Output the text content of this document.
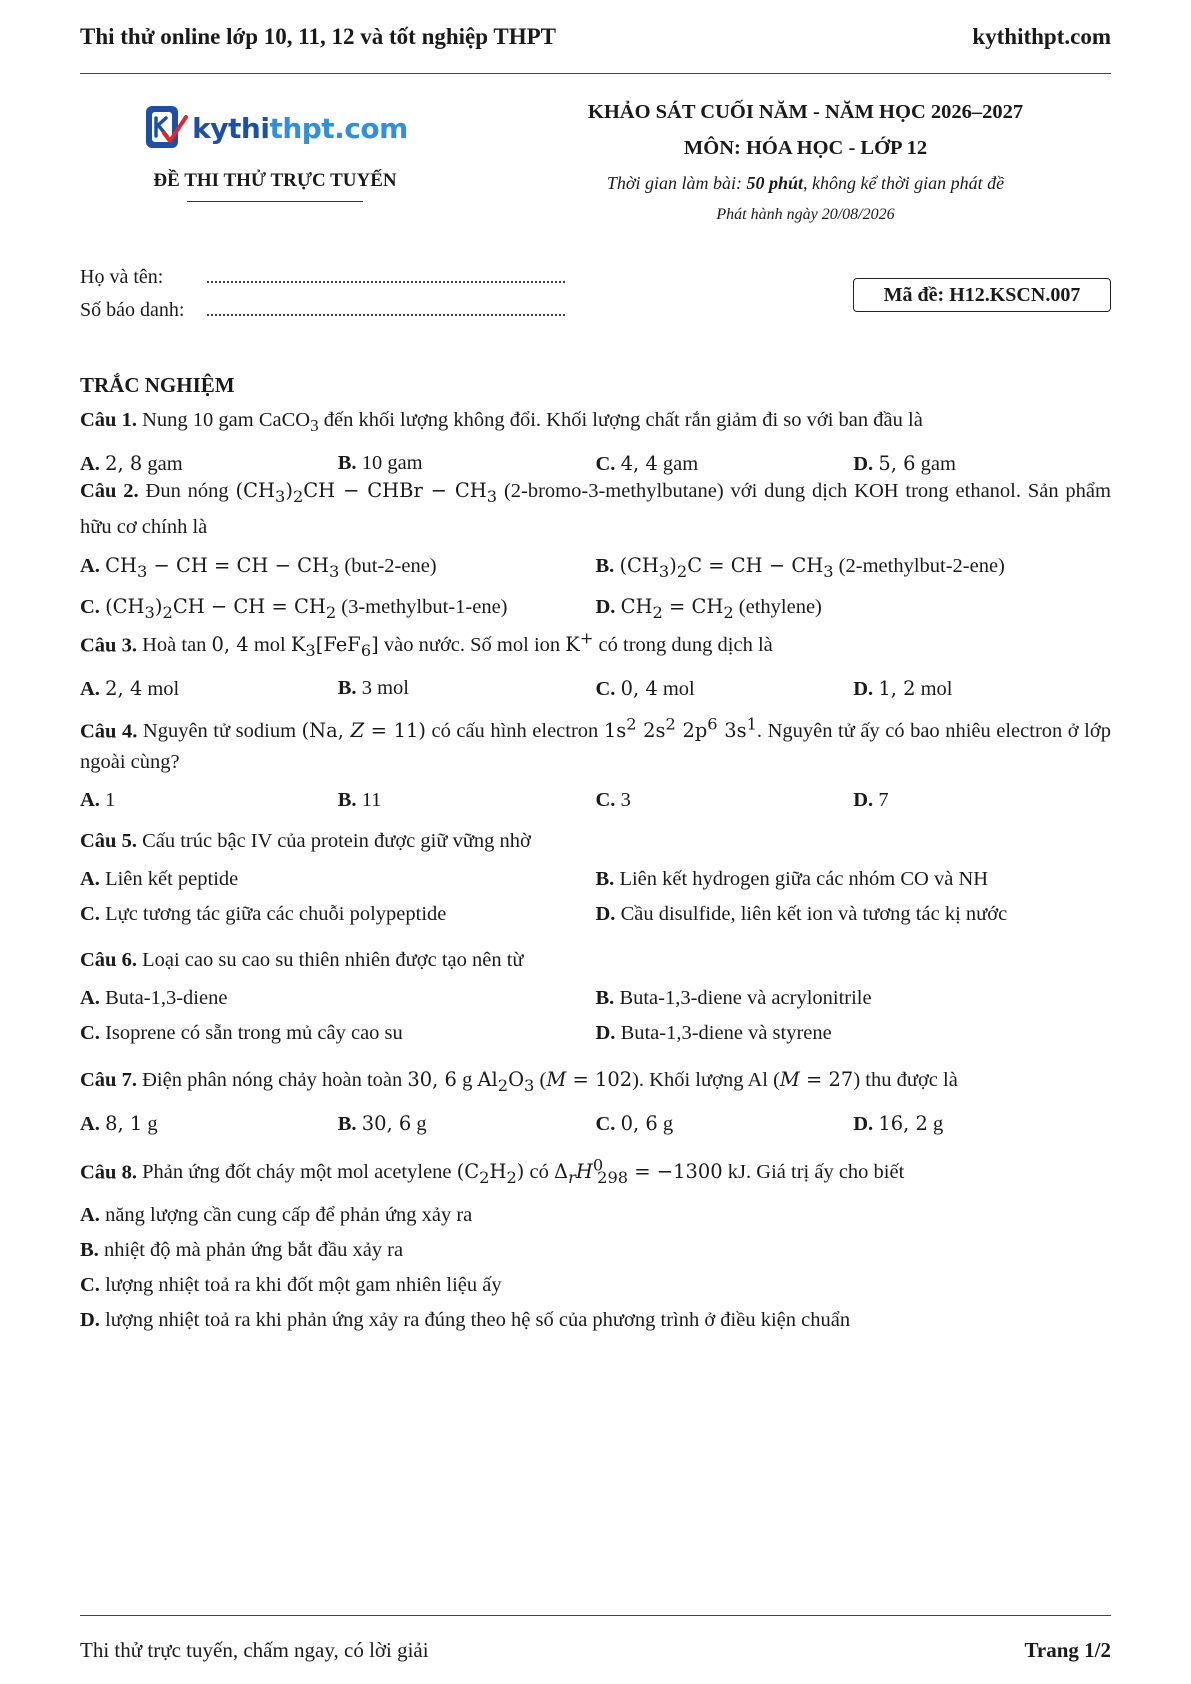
Thi thử online lớp 10, 11, 12 và tốt nghiệp THPT	kythithpt.com
kythithpt.com
ĐỀ THI THỬ TRỰC TUYẾN
KHẢO SÁT CUỐI NĂM - NĂM HỌC 2026–2027
MÔN: HÓA HỌC - LỚP 12
Thời gian làm bài: 50 phút, không kể thời gian phát đề
Phát hành ngày 20/08/2026
Họ và tên:
Số báo danh:
Mã đề: H12.KSCN.007
TRẮC NGHIỆM
Câu 1. Nung 10 gam CaCO$_3$ đến khối lượng không đổi. Khối lượng chất rắn giảm đi so với ban đầu là
A. 2, 8 gam	B. 10 gam	C. 4, 4 gam	D. 5, 6 gam
Câu 2. Đun nóng $(CH_3)_2CH$ − CHBr − $CH_3$ (2-bromo-3-methylbutane) với dung dịch KOH trong ethanol. Sản phẩm hữu cơ chính là
A. $CH_3$ − CH = CH − $CH_3$ (but-2-ene)	B. $(CH_3)_2C$ = CH − $CH_3$ (2-methylbut-2-ene)
C. $(CH_3)_2CH$ − CH = $CH_2$ (3-methylbut-1-ene)	D. $CH_2 = CH_2$ (ethylene)
Câu 3. Hoà tan 0, 4 mol $K_3[FeF_6]$ vào nước. Số mol ion K+ có trong dung dịch là
A. 2, 4 mol	B. 3 mol	C. 0, 4 mol	D. 1, 2 mol
Câu 4. Nguyên tử sodium (Na, Z = 11) có cấu hình electron $1s^2$ $2s^2$ $2p^6$ $3s^1$. Nguyên tử ấy có bao nhiêu electron ở lớp ngoài cùng?
A. 1	B. 11	C. 3	D. 7
Câu 5. Cấu trúc bậc IV của protein được giữ vững nhờ
A. Liên kết peptide	B. Liên kết hydrogen giữa các nhóm CO và NH
C. Lực tương tác giữa các chuỗi polypeptide	D. Cầu disulfide, liên kết ion và tương tác kị nước
Câu 6. Loại cao su cao su thiên nhiên được tạo nên từ
A. Buta-1,3-diene	B. Buta-1,3-diene và acrylonitrile
C. Isoprene có sẵn trong mủ cây cao su	D. Buta-1,3-diene và styrene
Câu 7. Điện phân nóng chảy hoàn toàn 30, 6 g $Al_2O_3$ (M = 102). Khối lượng Al (M = 27) thu được là
A. 8, 1 g	B. 30, 6 g	C. 0, 6 g	D. 16, 2 g
Câu 8. Phản ứng đốt cháy một mol acetylene $(C_2H_2)$ có $\Delta_rH^0_{298} = -1300$ kJ. Giá trị ấy cho biết
A. năng lượng cần cung cấp để phản ứng xảy ra
B. nhiệt độ mà phản ứng bắt đầu xảy ra
C. lượng nhiệt toả ra khi đốt một gam nhiên liệu ấy
D. lượng nhiệt toả ra khi phản ứng xảy ra đúng theo hệ số của phương trình ở điều kiện chuẩn
Thi thử trực tuyến, chấm ngay, có lời giải	Trang 1/2
